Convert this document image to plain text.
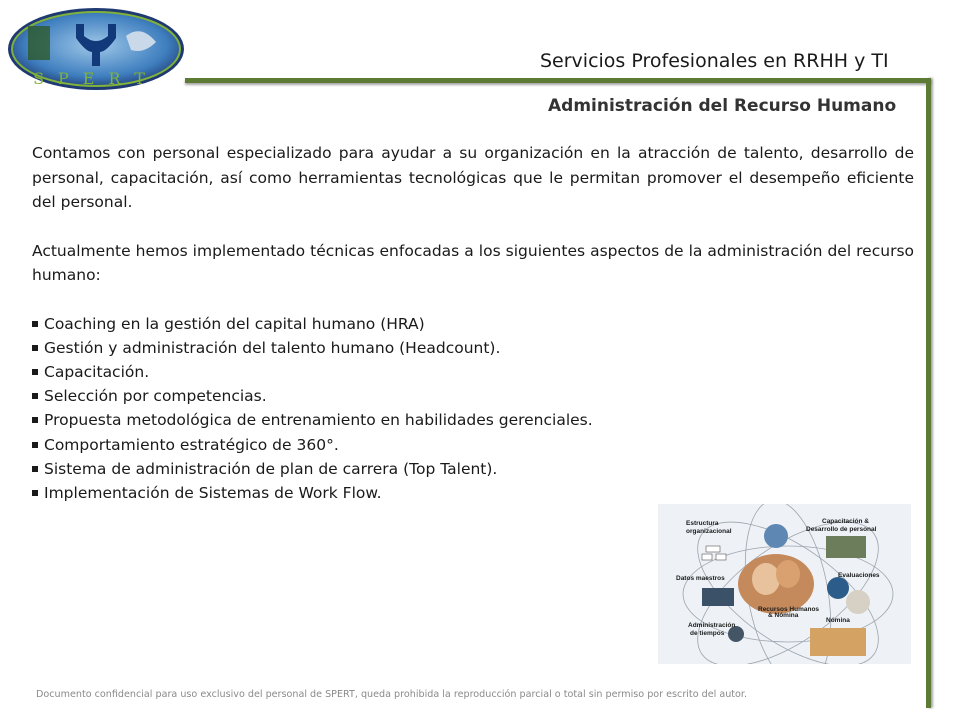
SPERT
Servicios Profesionales en RRHH y TI
Administración del Recurso Humano

Contamos con personal especializado para ayudar a su organización en la atracción de talento, desarrollo de personal, capacitación, así como herramientas tecnológicas que le permitan promover el desempeño eficiente del personal.

Actualmente hemos implementado técnicas enfocadas a los siguientes aspectos de la administración del recurso humano:

Coaching en la gestión del capital humano (HRA)
Gestión y administración del talento humano (Headcount).
Capacitación.
Selección por competencias.
Propuesta metodológica de entrenamiento en habilidades gerenciales.
Comportamiento estratégico de 360°.
Sistema de administración de plan de carrera (Top Talent).
Implementación de Sistemas de Work Flow.
Estructura
organizacional
Capacitación &
Desarrollo de personal
Datos maestros	Evaluaciones
Recursos Humanos
& Nómina
Administración
de tiempos
Nómina
Documento confidencial para uso exclusivo del personal de SPERT, queda prohibida la reproducción parcial o total sin permiso por escrito del autor.
